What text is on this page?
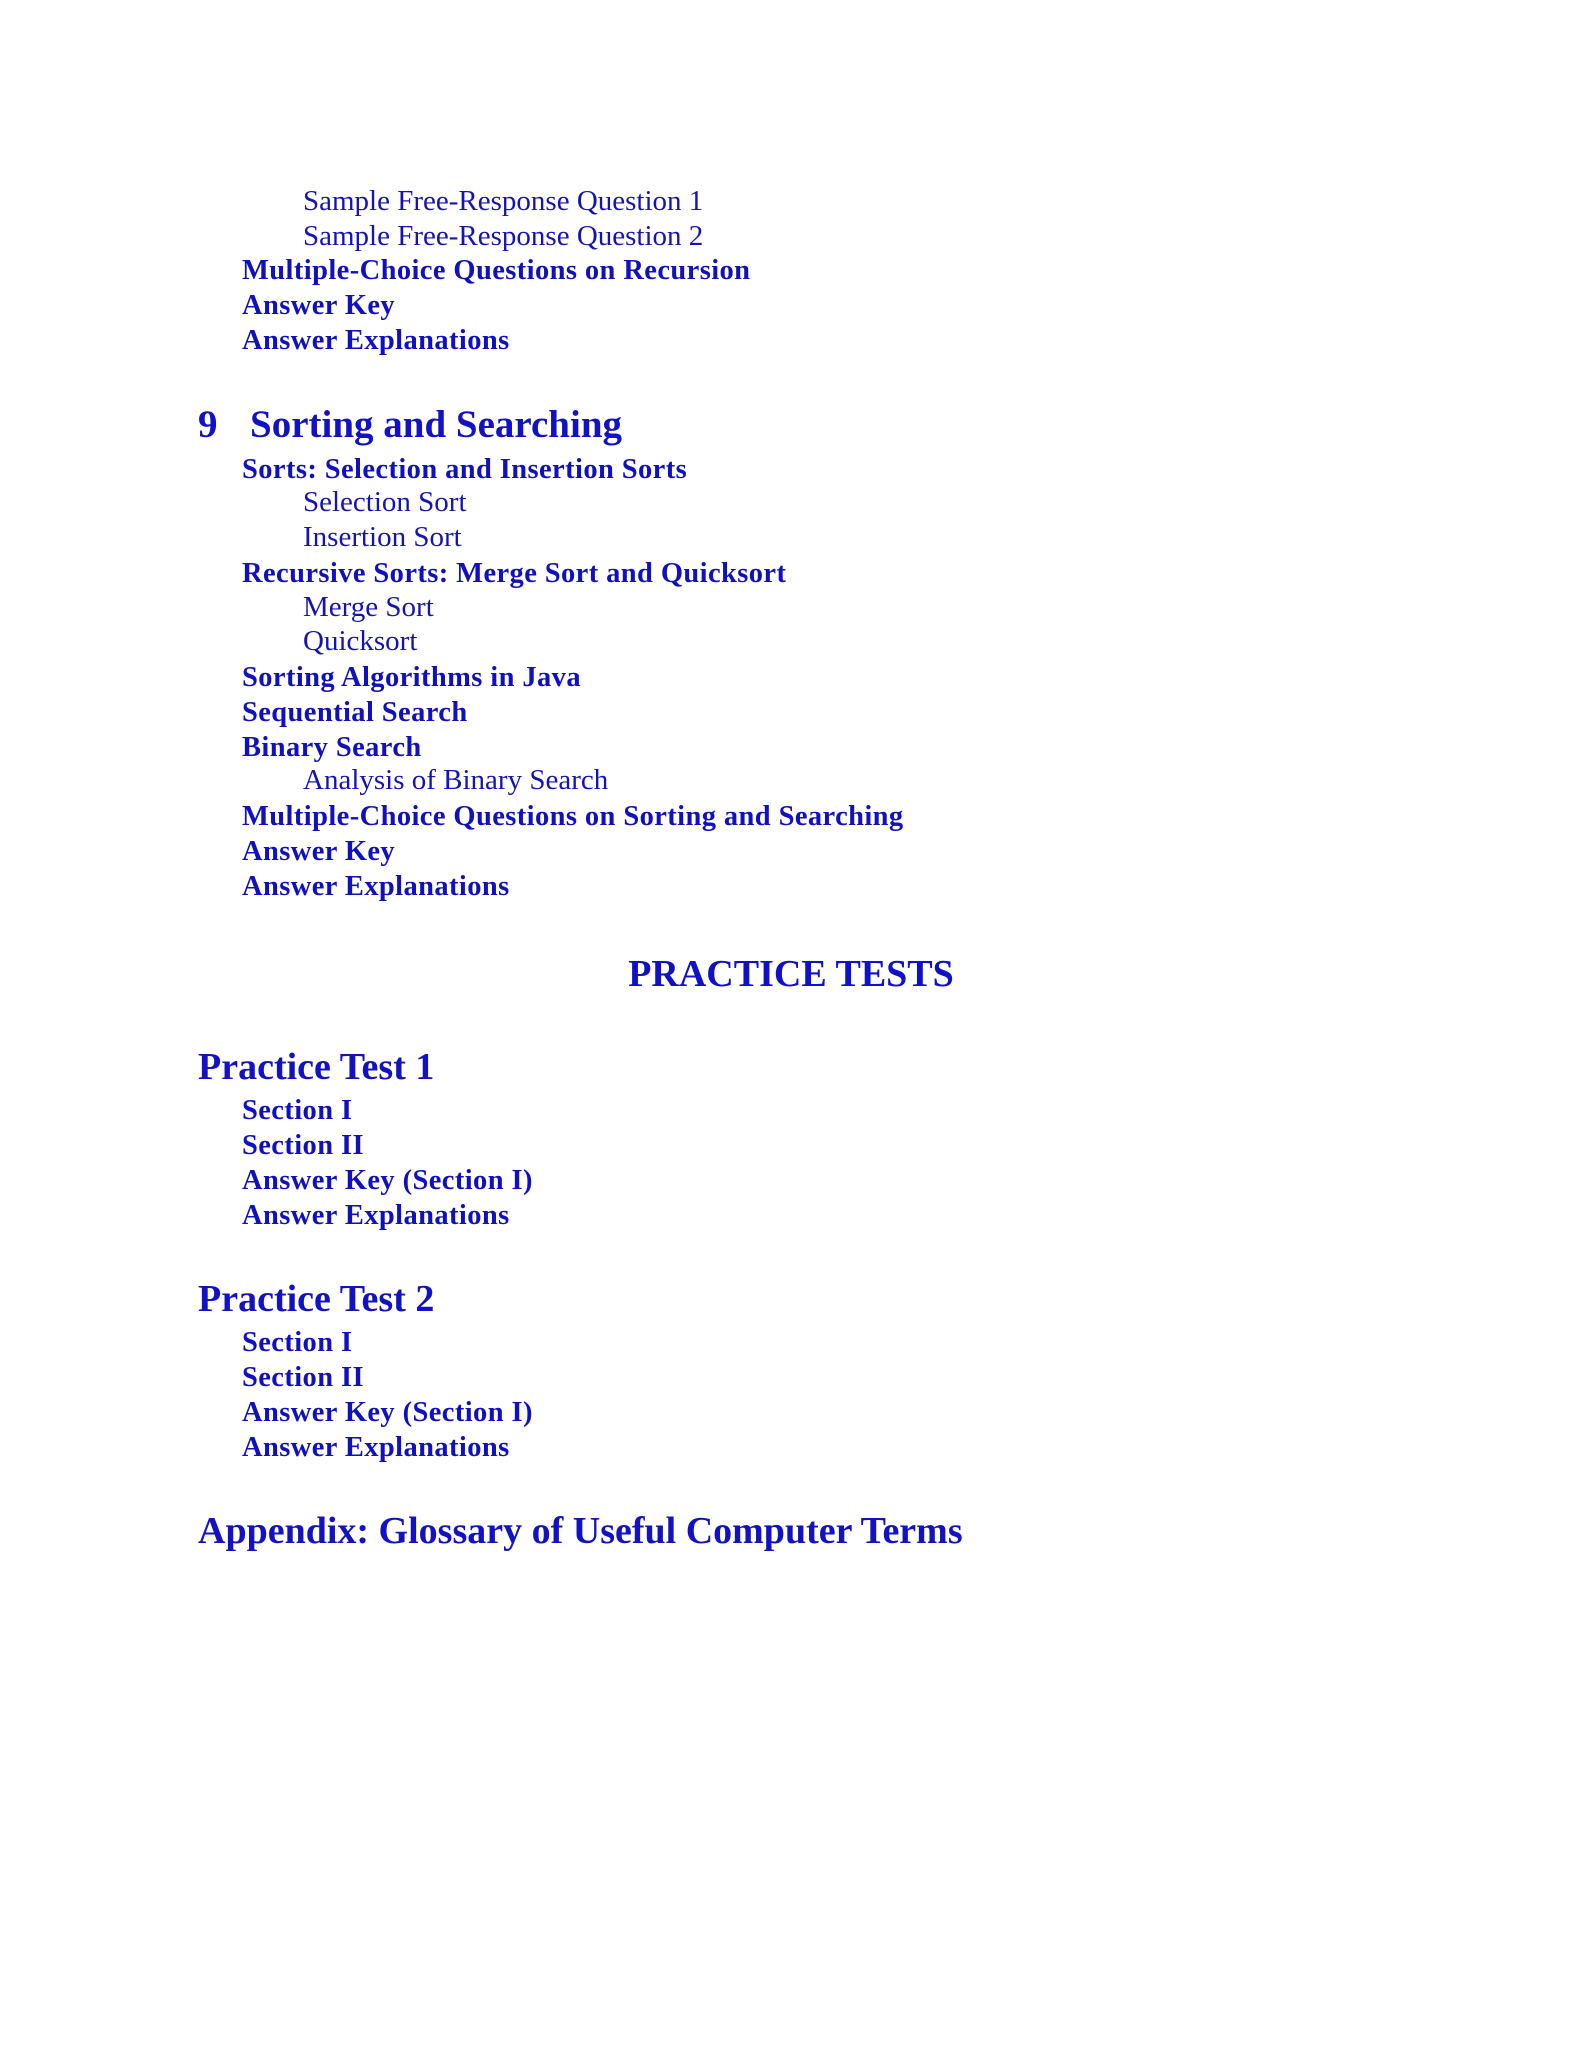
Sample Free-Response Question 1
Sample Free-Response Question 2
Multiple-Choice Questions on Recursion
Answer Key
Answer Explanations
9 Sorting and Searching
Sorts: Selection and Insertion Sorts
Selection Sort
Insertion Sort
Recursive Sorts: Merge Sort and Quicksort
Merge Sort
Quicksort
Sorting Algorithms in Java
Sequential Search
Binary Search
Analysis of Binary Search
Multiple-Choice Questions on Sorting and Searching
Answer Key
Answer Explanations
PRACTICE TESTS
Practice Test 1
Section I
Section II
Answer Key (Section I)
Answer Explanations
Practice Test 2
Section I
Section II
Answer Key (Section I)
Answer Explanations
Appendix: Glossary of Useful Computer Terms
